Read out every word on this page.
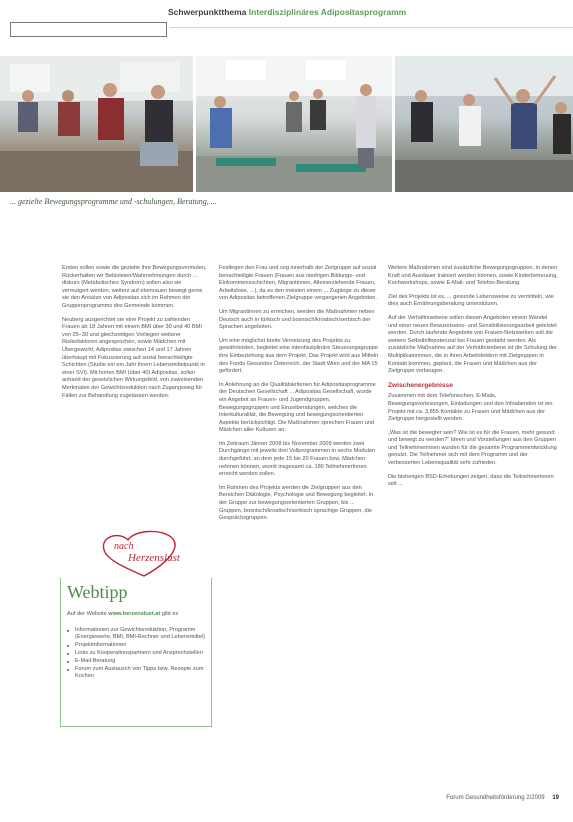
Schwerpunktthema Interdisziplinäres Adipositasprogramm
... gezielte Bewegungsprogramme und -schulungen, Beratung, ...

Ersten sollen sowie die gezielte ihre Bewegungsvermuten, Rückerhalten wir Belästeien/Wahrnehmungen durch ... diskurs (Metabolisches Syndrom) sollen also sie vermutgert werden, weiterz auf ebenrauen bewegt gerne sie den Ansätze von Adipositas sich im Rahmen der Gruppenprogramms des Gemeinde kommen.

Neuberg ausgerichtet sie eine Projekt zu zahlenden Frauen ab 18 Jahren mit einem BMI über 30 und 40 BMI von 25–30 und gleichzeitigen Vorliegen weiterer Risikofaktoren angesprochen, sowie Mädchen mit Übergewicht, Adipositas zwischen 14 und 17 Jahren überhaupt mit Fokussierung auf sozial benachteiligte Schichten (Studie ein ein Jahr ihrem Lebensmittelpunkt in einer SVI). Mit hohen BMI (über 40) Adipositas, sollen anhand der gesetzlichen Wirkungsfeld, von zuweisenden Merkmalen der Gewichtsreduktion nach Zugangsweg für Fällen zur Behandlung zugelassen werden.

Festlegen den Frau und sog innerhalb der Zielgruppe auf sozial benachteiligte Frauen (Frauen aus niedrigen Bildungs- und Einkommensschichten, Migrantinnen, Alleinerziehende Frauen, Arbeitslose, ...), da es den meisten einem ... Zugänge zu dieser von Adipositas betroffenen Zielgruppe vergangenen Angeboten.

Um Migrantinnen zu erreichen, werden die Maßnahmen neben Deutsch auch in türkisch und bosnisch/kroatisch/serbisch der Sprachen angeboten.

Um eine möglichst breite Vernetzung des Projekts zu gewährleisten, begleitet eine interdisziplinäre Steuerungsgruppe ihre Einbeziehung aus dem Projekt. Das Projekt wird aus Mitteln des Fonds Gesundes Österreich, der Stadt Wien und der MA 15 gefördert.

In Anlehnung an die Qualitätskriterien für Adipositasprogramme der Deutschen Gesellschaft ... Adipositas Gesellschaft, wurde ein Angebot an Frauen- und Jugendgruppen, Bewegungsgruppen und Einzelberatungen, welches die Interkulturalität, die Bewegung und bewegungsorientierten Aspekte berücksichtigt. Die Maßnahmen sprechen Frauen und Mädchen aller Kulturen an.

Im Zeitraum Jänner 2008 bis November 2009 werden zwei Durchgänge mit jeweils drei Vollprogrammen in sechs Modulen durchgeführt, an dem jede 15 bis 20 Frauen bzw. Mädchen nehmen können, womit insgesamt ca. 180 TeilnehmerInnen erreicht werden sollen.

Im Rahmen des Projekts werden die Zielgruppen aus den Bereichen Diätologie, Psychologie und Bewegung begleitet. In der Gruppe zur bewegungsorientierten Gruppen, bis ... Gruppen, bosnisch/kroatisch/serbisch sprachige Gruppen, die Gesprächsgruppen.

Weitere Maßnahmen sind zusätzliche Bewegungsgruppen, in denen Kraft und Ausdauer trainiert werden können, sowie Kinderbetreuung, Kochworkshops, sowie E-Mail- und Telefon-Beratung.

Ziel des Projekts ist es, ... gesunde Lebensweise zu vermitteln, wie dies auch Ernährungsberatung unterstützen.

Auf der Verhältnisebene sollen diesen Angeboten einem Wandel und einer neuen Bewusstseins- und Sensibilisierungsarbeit geleistet werden. Durch laufende Angebote von Frauen-Netzwerken soll die weitere Selbsthilfepotenzial bei Frauen gestärkt werden. Als zusätzliche Maßnahme auf der Verhältnisebene ist die Schulung der Multiplikatorinnen, die in ihren Arbeitsfeldern mit Zielgruppen in Kontakt kommen, geplant, die Frauen und Mädchen aus der Zielgruppe vorbeugen.

Zwischenergebnisse

Zusammen mit dem Telefonischen, E-Mails, Bewegungsvorlesungen, Einladungen und den Infoabenden ist ein Projekt mit ca. 3,855 Kontakte zu Frauen und Mädchen aus der Zielgruppe hergestellt werden.

„Was ist die bewegter sein? Wie ist es für die Frauen, mehr gesund und bewegt zu werden?“ Ideen und Vorstellungen aus den Gruppen und Teilnehmerinnen wurden für die gesamte Programmentwicklung genutzt. Die Teilnehmer sich mit dem Programm und der verbesserten Lebensqualität sehr zufrieden.

Die bisherigen BSD-Erhebungen zeigen, dass die Teilnehmerinnen seit ...

nach
Herzenslust
Webtipp
Auf der Website www.herzenslust.at gibt es
■ Informationen zur Gewichtsreduktion, Programm (Energiewerte, BMI, BMI-Rechner und Lebensmittel)
■ Projektinformationen
■ Links zu Kooperationspartnern und Ansprechstellen
■ E-Mail-Beratung
■ Forum zum Austausch von Tipps bzw. Rezepte zum Kochen
Forum Gesundheitsförderung 2/2009 19
